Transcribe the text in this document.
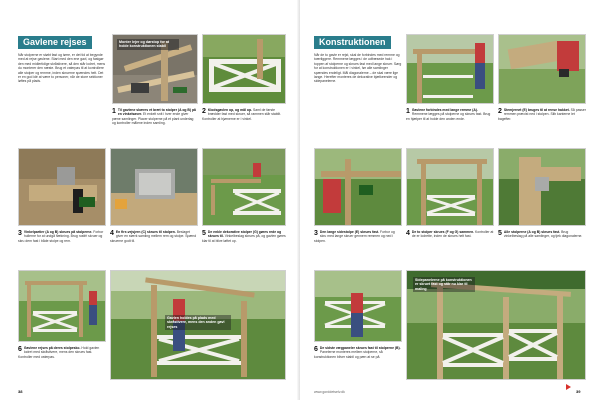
Gavlene rejses
Når stolperne er støbt fast og tørre, er det tid at begynde med at rejse gavlene. Start med den ene gavl, og fastgør den med midlertidige skråstivere, så den står lodret, mens du monterer den næste. Brug et vaterpas til at kontrollere alle stolper og remme, inden skruerne spændes helt. Det er en god idé at være to personer, når de store sektioner løftes på plads.
Monter lejer og dørstop for at holde konstruktionen stabil
1 Til gavlene skæres et bræt to stolper (A og B) på en vinkelsaver. Et enkelt snit i hver ende giver pæne samlinger. Placer stolperne på et plant underlag og kontroller målene inden samling.
2 Klodsgavlen op, og mål op. Saml de første brædder fast med skruer, så rammen står stabilt. Kontroller at hjørnerne er i vinkel.
3 Vinkelpartier (A og B) skrues på stolperne. Forbor hullerne for at undgå flækning. Brug rustfri skruer og skru dem fast i både stolpe og rem.
4 En fire-vejsjern (C) skrues til stolpen. Beslaget giver en stærk samling mellem rem og stolpe. Spænd skruerne godt til.
5 De enkle dekorative stolper (G) gøres rede og skrues til. Vinkelbeslag skrues på, og gavlen gøres klar til at blive løftet op.
Gavlen holdes på plads med skråstivere, mens den anden gavl rejses
6 Gavlene rejses på deres stolpesko. Hold gavlen lodret med skråstivere, mens den skrues fast. Kontroller med vaterpas.
38
Konstruktionen
Når de to gavle er rejst, skal de forbindes med remme og tværliggere. Remmene lægges i de udfræsede hak i toppen af stolperne og skrues fast med lange skruer. Sørg for at konstruktionen er i vinkel, før alle samlinger spændes endeligt. Mål diagonalerne – de skal være lige lange. Herefter monteres de dekorative bjælkeender og sidepanelerne.
1 Gavlene forbindes med lange remme (A). Remmene lægges på stolperne og skrues fast. Brug en hjælper til at holde den anden ende.
2 Stemjernet (E) bruges til at rense hakket. Så passer remmen præcist ned i stolpen. Slib kanterne let bagefter.
3 Den lange sidestolpe (E) skrues fast. Forbor og skru med lange skruer gennem remmen og ned i stolpen.
4 De to stolper skrues (F og G) sammen. Kontroller at de er lodrette, inden de skrues helt fast.	5 Alle stolperne (A og B) skrues fast. Brug vinkelbeslag på alle samlinger, og tjek diagonalerne.
Sidepanelerne på konstruktionen er skruet fast og står nu klar til maling
6 De sidste vægpaneler skrues fast til stolperne (B). Panelerne monteres mellem stolperne, så konstruktionen bliver stabil og pæn at se på.
www.gorddetselv.dk	39
